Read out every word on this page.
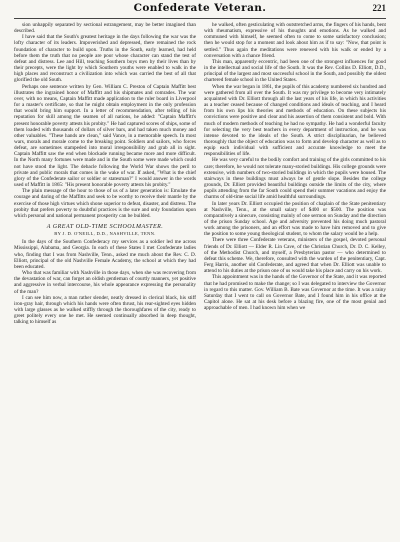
Confederate Veteran.	221

sion unhappily separated by sectional estrangement, may be better imagined than described.

I have said that the South's greatest heritage in the days following the war was the lofty character of its leaders. Impoverished and depressed, there remained the rock foundation of character to build upon. Truths in the South, early learned, had held before them the truth that no people are poor whose character can stand the test of defeat and distress. Lee and Hill, teaching Southern boys men by their lives than by their precepts, were the light by which Southern youths were enabled to walk in the high places and reconstruct a civilization into which was carried the best of all that glorified the old South.

Perhaps one sentence written by Gen. William C. Preston of Captain Maffitt best illustrates the ingrained honor of Maffitt and his shipmates and comrades. The war over, with no means, Captain Maffitt made application to the ruler board in Liverpool for a master's certificate, so that he might obtain employment in the only profession that would bring him support. In a letter of recommendation, after telling of his reputation for skill among the seamen of all nations, he added: "Captain Maffitt's present honorable poverty attests his probity." He had captured scores of ships, some of them loaded with thousands of dollars of silver bars, and had taken much money and other valuables. "These hands are clean," said Vance, in a memorable speech. In most wars, morals and morale come to the breaking point. Soldiers and sailors, who forces defeat, are sometimes stampeded into moral irresponsibility and grab all in sight. Captain Maffitt saw the end when blockade running became more and more difficult. In the North many fortunes were made and in the South some were made which could not have stood the light. The debacle following the World War shows the peril to private and public morals that comes in the wake of war. If asked, "What is the chief glory of the Confederate sailor or soldier or statesman?" I would answer in the words used of Maffitt in 1865: "His present honorable poverty attests his probity."

The plain message of the hour to those of us of a later generation is: Emulate the courage and daring of the Maffitts and seek to be worthy to receive their mantle by the exercise of those high virtues which shone superior to defeat, disaster, and distress. The probity that prefers poverty to doubtful practices is the sure and only foundation upon which personal and national permanent prosperity can be builded.

A GREAT OLD-TIME SCHOOLMASTER.

BY J. D. O'NEILL, D.D., NASHVILLE, TENN.

In the days of the Southern Confederacy my services as a soldier led me across Mississippi, Alabama, and Georgia. In each of these States I met Confederate ladies who, finding that I was from Nashville, Tenn., asked me much about the Rev. C. D. Elliott, principal of the old Nashville Female Academy, the school at which they had been educated.

Who that was familiar with Nashville in those days, when she was recovering from the devastation of war, can forget an oldish gentleman of courtly manners, yet positive and aggressive in verbal intercourse, his whole appearance expressing the personality of the man?

I can see him now, a man rather slender, neatly dressed in clerical black, his stiff iron-gray hair, through which his hands were often thrust, his rear-sighted eyes hidden with large glasses as he walked stiffly through the thoroughfares of the city, ready to greet politely every one he met. He seemed continually absorbed in deep thought, talking to himself as

he walked, often gesticulating with outstretched arms, the fingers of his hands, bent with rheumatism, expressive of his thoughts and emotions. As he walked and communed with himself, he seemed often to come to some satisfactory conclusion; then he would stop for a moment and look about him as if to say: "Now, that point is settled." Thus again the meditations were renewed with his walk or ended by a conversation with a chance friend.

This man, apparently eccentric, had been one of the strongest influences for good in the intellectual and social life of the South. It was the Rev. Collins D. Elliott, D.D., principal of the largest and most successful school in the South, and possibly the oldest chartered female school in the United States.

When the war began in 1861, the pupils of this academy numbered six hundred and were gathered from all over the South. It was my privilege to become very intimately acquainted with Dr. Elliott through all the last years of his life, in which his activities as a teacher ceased because of changed conditions and ideals of teaching, and I heard from his own lips his theories and methods of education. On these subjects his convictions were positive and clear and his assertion of them consistent and bold. With much of modern methods of teaching he had no sympathy. He had a wonderful faculty for selecting the very best teachers in every department of instruction, and he was intense devoted to the ideals of the South. A strict disciplinarian, he believed thoroughly that the object of education was to form and develop character as well as to equip each individual with sufficient and accurate knowledge to meet the responsibilities of life.

He was very careful to the bodily comfort and training of the girls committed to his care; therefore, he would not tolerate many-storied buildings. His college grounds were extensive, with numbers of two-storied buildings in which the pupils were housed. The stairways in these buildings must always be of gentle slope. Besides the college grounds, Dr. Elliott provided beautiful buildings outside the limits of the city, where pupils attending from the far South could spend their summer vacations and enjoy the charms of old-time social life amid healthful surroundings.

In later years Dr. Elliott occupied the position of chaplain of the State penitentiary at Nashville, Tenn., at the small salary of $400 or $500. The position was comparatively a sinecure, consisting mainly of one sermon on Sunday and the direction of the prison Sunday school. Age and adversity prevented his doing much pastoral work among the prisoners, and an effort was made to have him removed and to give the position to some young theological student, to whom the salary would be a help.

There were three Confederate veterans, ministers of the gospel, devoted personal friends of Dr. Elliott — Elder R. Lin Cave, of the Christian Church, Dr. D. C. Kelley, of the Methodist Church, and myself, a Presbyterian pastor — who determined to defeat this scheme. We, therefore, consulted with the warden of the penitentiary, Capt. Ferg Harris, another old Confederate, and agreed that when Dr. Elliott was unable to attend to his duties at the prison one of us would take his place and carry on his work.

This appointment was in the hands of the Governor of the State, and it was reported that he had promised to make the change; so I was delegated to interview the Governor in regard to this matter. Gov. William B. Bate was Governor at the time. It was a rainy Saturday that I went to call on Governor Bate, and I found him in his office at the Capitol alone. He sat at his desk before a blazing fire, one of the most genial and approachable of men. I had known him when we
